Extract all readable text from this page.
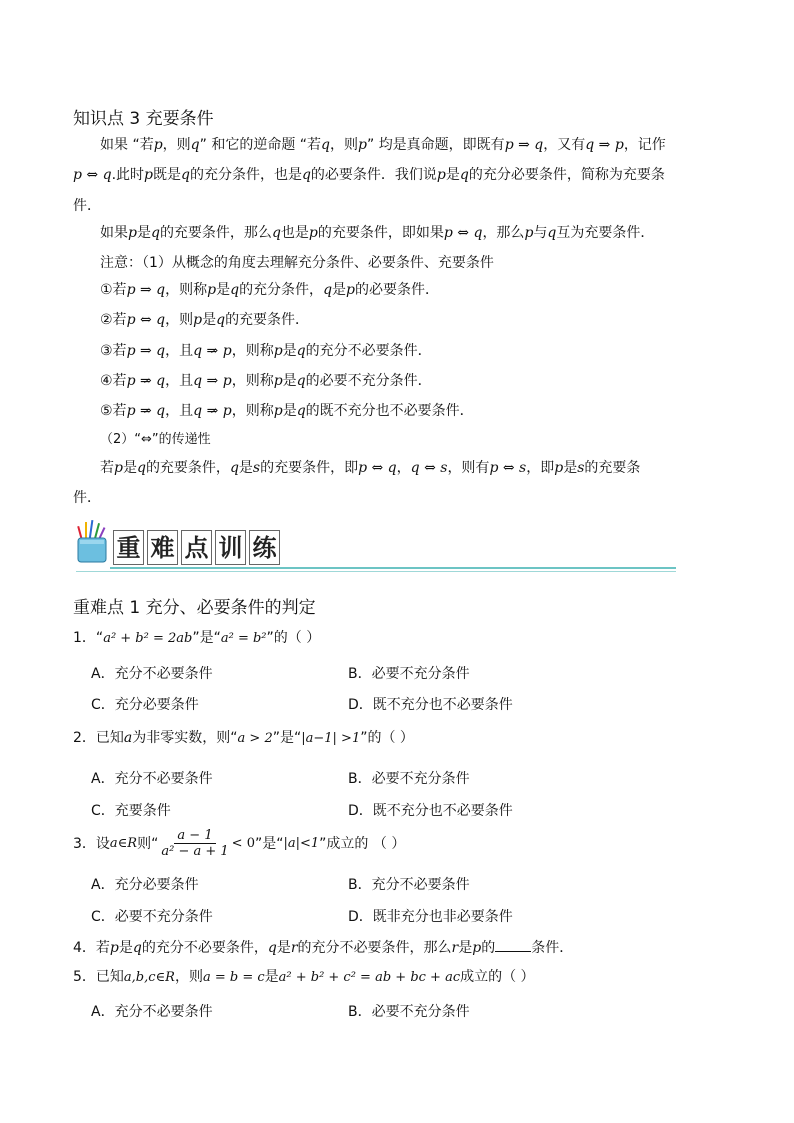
知识点 3 充要条件
如果 “若p，则q” 和它的逆命题 “若q，则p” 均是真命题，即既有p ⇒ q，又有q ⇒ p，记作
p ⇔ q.此时p既是q的充分条件，也是q的必要条件．我们说p是q的充分必要条件，简称为充要条
件．
如果p是q的充要条件，那么q也是p的充要条件，即如果p ⇔ q，那么p与q互为充要条件．
注意：（1）从概念的角度去理解充分条件、必要条件、充要条件
①若p ⇒ q，则称p是q的充分条件，q是p的必要条件．
②若p ⇔ q，则p是q的充要条件．
③若p ⇒ q，且q ⇒ p，则称p是q的充分不必要条件．
④若p ⇒ q，且q ⇒ p，则称p是q的必要不充分条件．
⑤若p ⇒ q，且q ⇒ p，则称p是q的既不充分也不必要条件．
（2）“⇔”的传递性
若p是q的充要条件，q是s的充要条件，即p ⇔ q，q ⇔ s，则有p ⇔ s，即p是s的充要条
件．
重 难 点 训 练
重难点 1 充分、必要条件的判定
1．“a² + b² = 2ab”是“a² = b²”的（ ）
A．充分不必要条件	B．必要不充分条件
C．充分必要条件	D．既不充分也不必要条件
2．已知a为非零实数，则“a > 2”是“|a−1| >1”的（ ）
A．充分不必要条件	B．必要不充分条件
C．充要条件	D．既不充分也不必要条件
3． 设 a∈R 则“ $\frac{a - 1}{\text{a² − a + 1}} < 0$ ”是“ |a|<1 ”成立的 （ ）
A．充分必要条件	B．充分不必要条件
C．必要不充分条件	D．既非充分也非必要条件
4．若p是q的充分不必要条件，q是r的充分不必要条件，那么r是p的	条件．
5．已知a,b,c∈R，则a = b = c是a² + b² + c² = ab + bc + ac成立的（ ）
A．充分不必要条件	B．必要不充分条件
